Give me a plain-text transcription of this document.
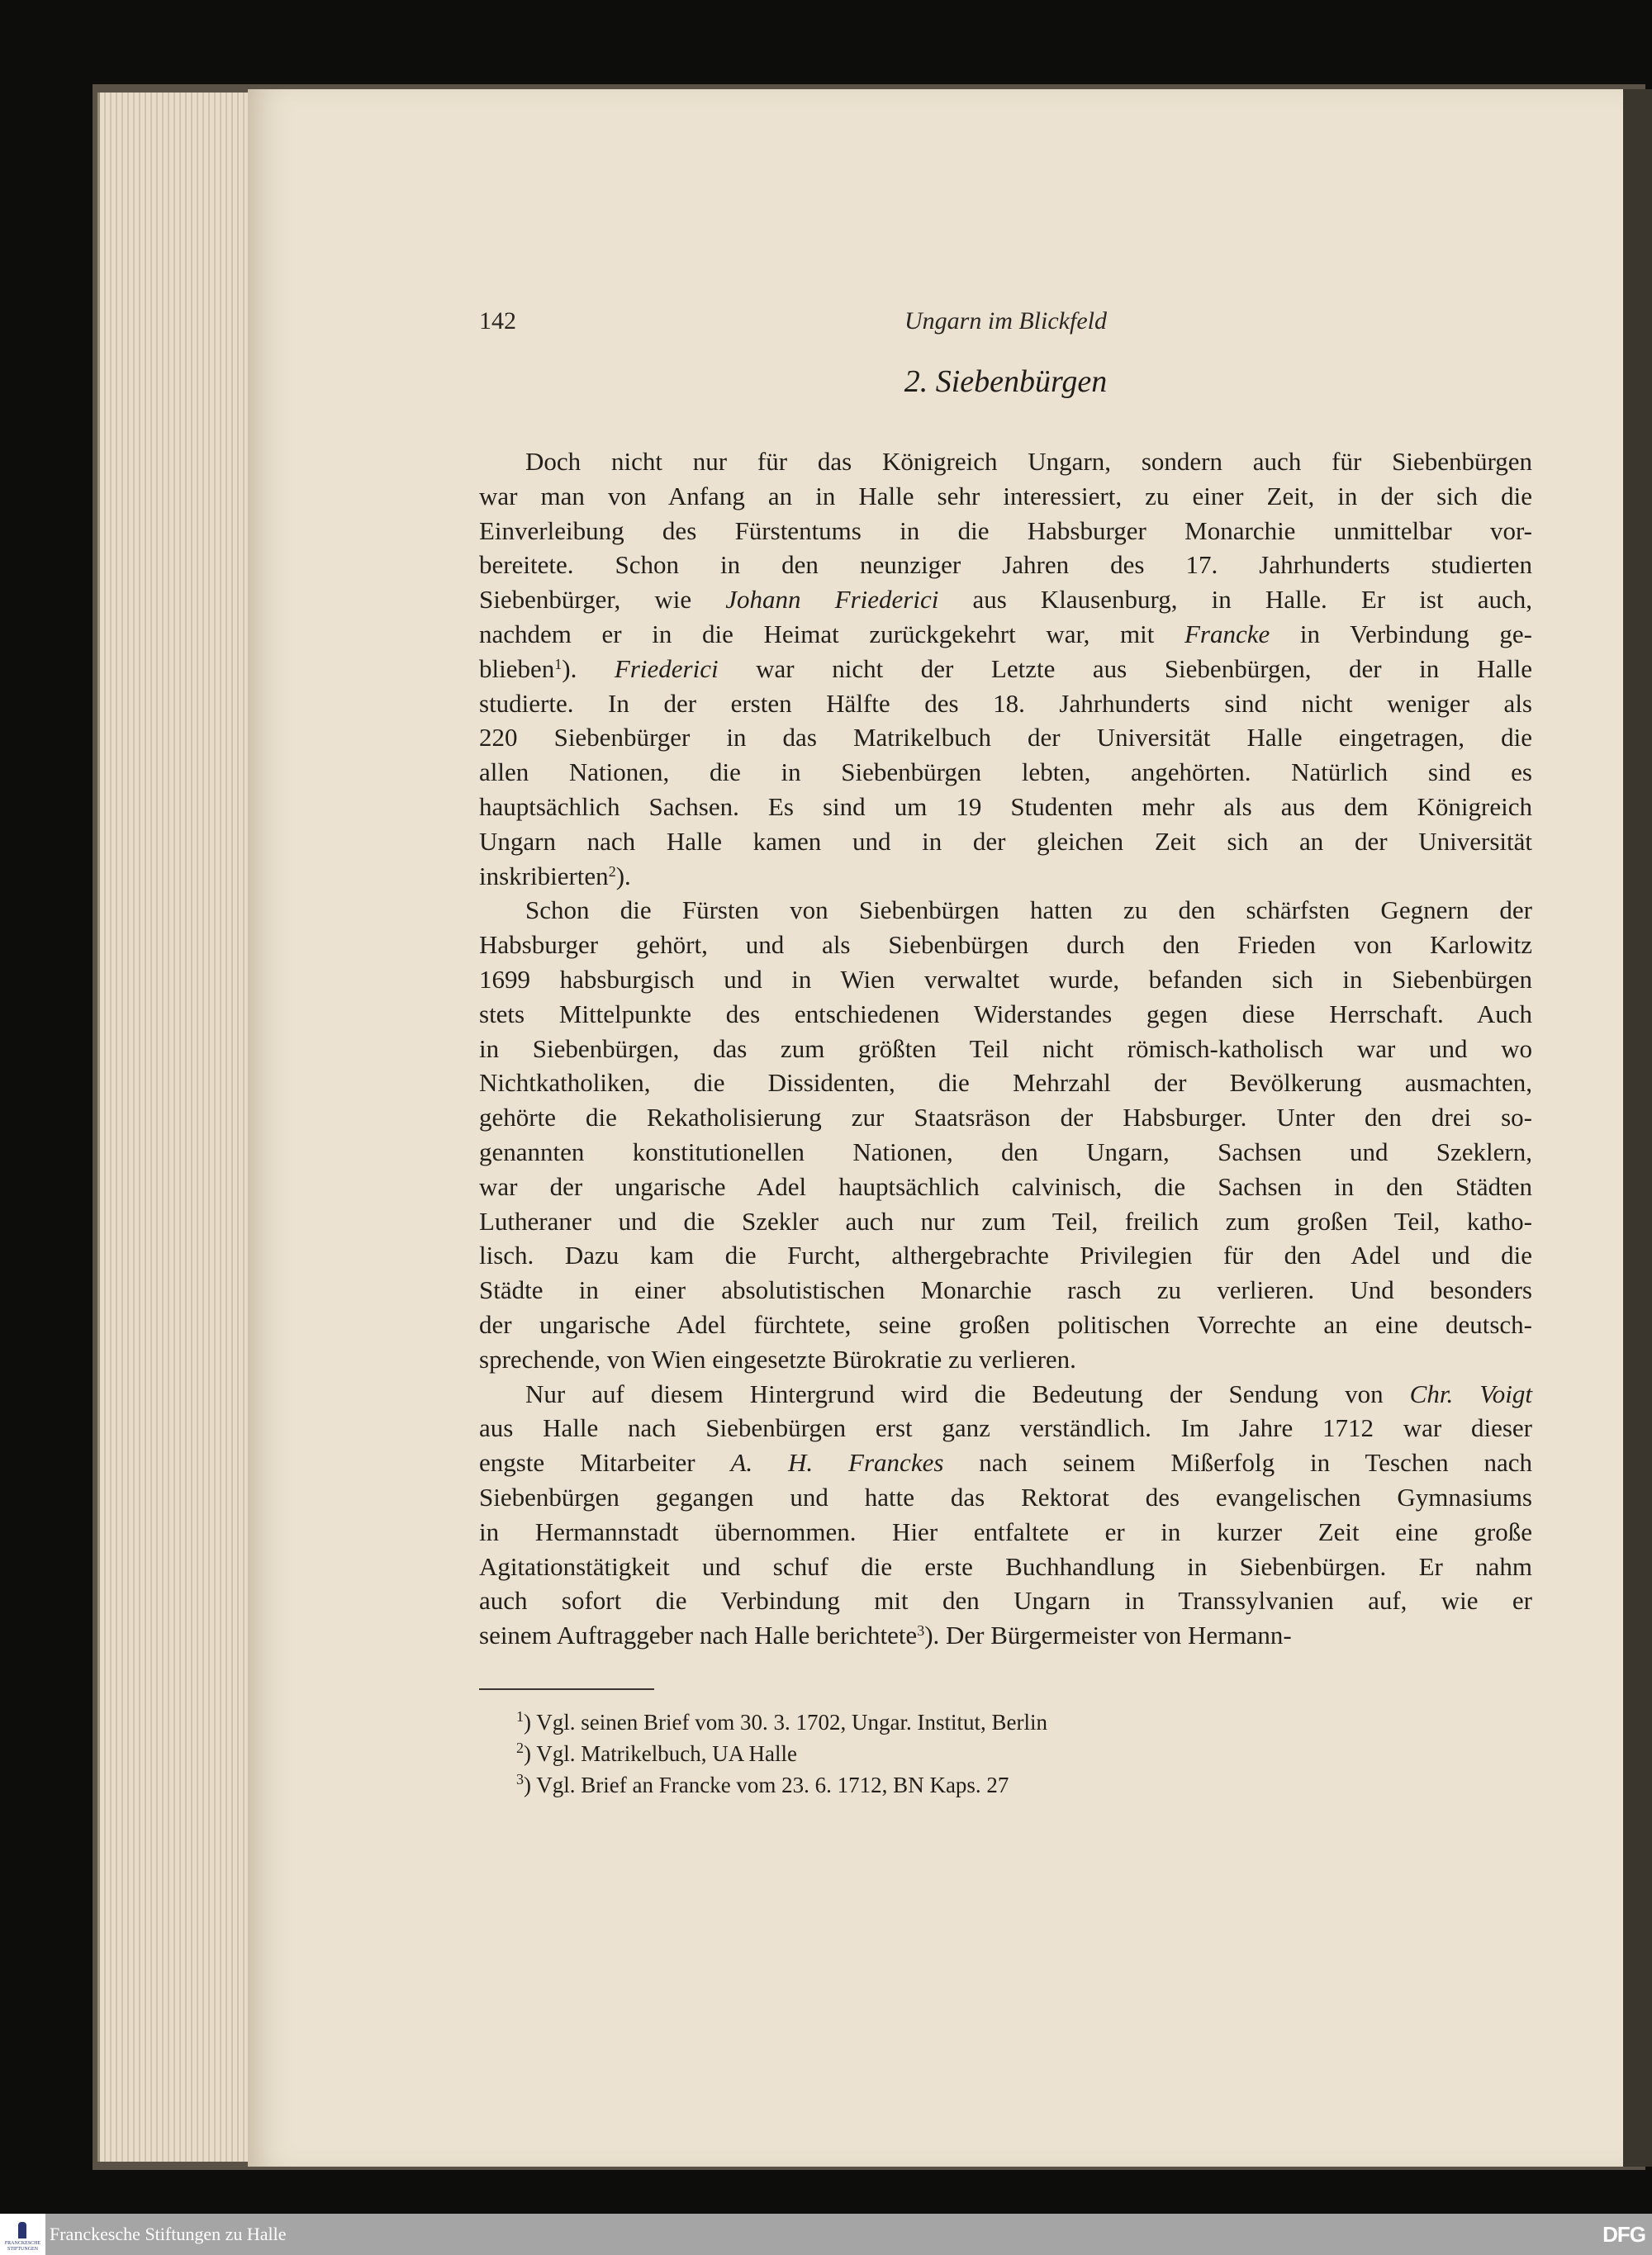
142	Ungarn im Blickfeld
2. Siebenbürgen
Doch nicht nur für das Königreich Ungarn, sondern auch für Siebenbürgen
war man von Anfang an in Halle sehr interessiert, zu einer Zeit, in der sich die
Einverleibung des Fürstentums in die Habsburger Monarchie unmittelbar vor-
bereitete. Schon in den neunziger Jahren des 17. Jahrhunderts studierten
Siebenbürger, wie Johann Friederici aus Klausenburg, in Halle. Er ist auch,
nachdem er in die Heimat zurückgekehrt war, mit Francke in Verbindung ge-
blieben$^1$). Friederici war nicht der Letzte aus Siebenbürgen, der in Halle
studierte. In der ersten Hälfte des 18. Jahrhunderts sind nicht weniger als
220 Siebenbürger in das Matrikelbuch der Universität Halle eingetragen, die
allen Nationen, die in Siebenbürgen lebten, angehörten. Natürlich sind es
hauptsächlich Sachsen. Es sind um 19 Studenten mehr als aus dem Königreich
Ungarn nach Halle kamen und in der gleichen Zeit sich an der Universität
inskribierten$^2$).
Schon die Fürsten von Siebenbürgen hatten zu den schärfsten Gegnern der
Habsburger gehört, und als Siebenbürgen durch den Frieden von Karlowitz
1699 habsburgisch und in Wien verwaltet wurde, befanden sich in Siebenbürgen
stets Mittelpunkte des entschiedenen Widerstandes gegen diese Herrschaft. Auch
in Siebenbürgen, das zum größten Teil nicht römisch-katholisch war und wo
Nichtkatholiken, die Dissidenten, die Mehrzahl der Bevölkerung ausmachten,
gehörte die Rekatholisierung zur Staatsräson der Habsburger. Unter den drei so-
genannten konstitutionellen Nationen, den Ungarn, Sachsen und Szeklern,
war der ungarische Adel hauptsächlich calvinisch, die Sachsen in den Städten
Lutheraner und die Szekler auch nur zum Teil, freilich zum großen Teil, katho-
lisch. Dazu kam die Furcht, althergebrachte Privilegien für den Adel und die
Städte in einer absolutistischen Monarchie rasch zu verlieren. Und besonders
der ungarische Adel fürchtete, seine großen politischen Vorrechte an eine deutsch-
sprechende, von Wien eingesetzte Bürokratie zu verlieren.
Nur auf diesem Hintergrund wird die Bedeutung der Sendung von Chr. Voigt
aus Halle nach Siebenbürgen erst ganz verständlich. Im Jahre 1712 war dieser
engste Mitarbeiter A. H. Franckes nach seinem Mißerfolg in Teschen nach
Siebenbürgen gegangen und hatte das Rektorat des evangelischen Gymnasiums
in Hermannstadt übernommen. Hier entfaltete er in kurzer Zeit eine große
Agitationstätigkeit und schuf die erste Buchhandlung in Siebenbürgen. Er nahm
auch sofort die Verbindung mit den Ungarn in Transsylvanien auf, wie er
seinem Auftraggeber nach Halle berichtete$^3$). Der Bürgermeister von Hermann-
$^1$) Vgl. seinen Brief vom 30. 3. 1702, Ungar. Institut, Berlin
$^2$) Vgl. Matrikelbuch, UA Halle
$^3$) Vgl. Brief an Francke vom 23. 6. 1712, BN Kaps. 27
FRANCKESCHE STIFTUNGEN
Franckesche Stiftungen zu Halle	DFG
